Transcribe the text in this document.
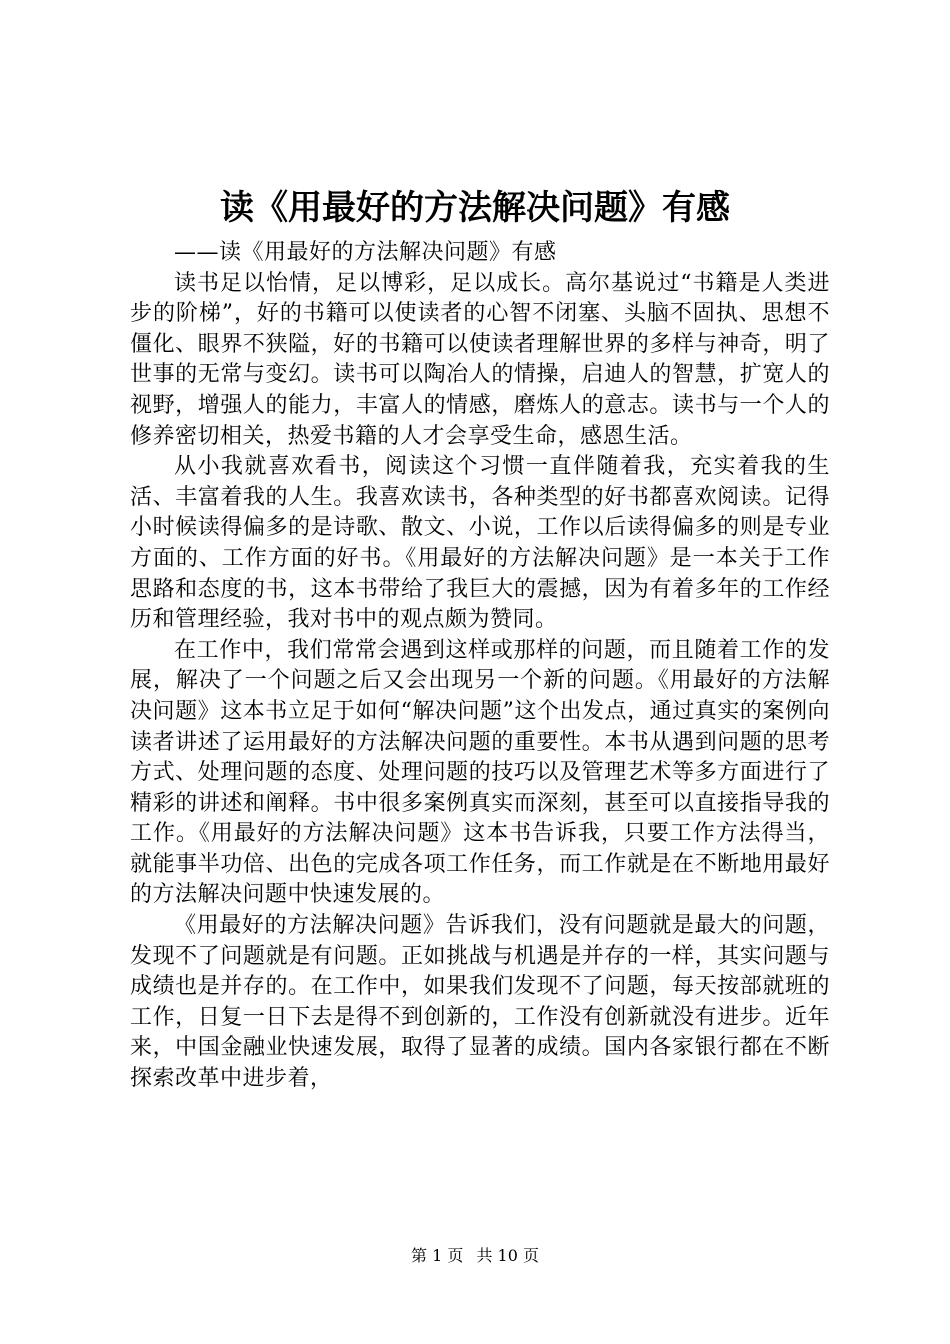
读《用最好的方法解决问题》有感

——读《用最好的方法解决问题》有感

读书足以怡情，足以博彩，足以成长。高尔基说过“书籍是人类进步的阶梯”，好的书籍可以使读者的心智不闭塞、头脑不固执、思想不僵化、眼界不狭隘，好的书籍可以使读者理解世界的多样与神奇，明了世事的无常与变幻。读书可以陶冶人的情操，启迪人的智慧，扩宽人的视野，增强人的能力，丰富人的情感，磨炼人的意志。读书与一个人的修养密切相关，热爱书籍的人才会享受生命，感恩生活。

从小我就喜欢看书，阅读这个习惯一直伴随着我，充实着我的生活、丰富着我的人生。我喜欢读书，各种类型的好书都喜欢阅读。记得小时候读得偏多的是诗歌、散文、小说，工作以后读得偏多的则是专业方面的、工作方面的好书。《用最好的方法解决问题》是一本关于工作思路和态度的书，这本书带给了我巨大的震撼，因为有着多年的工作经历和管理经验，我对书中的观点颇为赞同。

在工作中，我们常常会遇到这样或那样的问题，而且随着工作的发展，解决了一个问题之后又会出现另一个新的问题。《用最好的方法解决问题》这本书立足于如何“解决问题”这个出发点，通过真实的案例向读者讲述了运用最好的方法解决问题的重要性。本书从遇到问题的思考方式、处理问题的态度、处理问题的技巧以及管理艺术等多方面进行了精彩的讲述和阐释。书中很多案例真实而深刻，甚至可以直接指导我的工作。《用最好的方法解决问题》这本书告诉我，只要工作方法得当，就能事半功倍、出色的完成各项工作任务，而工作就是在不断地用最好的方法解决问题中快速发展的。

《用最好的方法解决问题》告诉我们，没有问题就是最大的问题，发现不了问题就是有问题。正如挑战与机遇是并存的一样，其实问题与成绩也是并存的。在工作中，如果我们发现不了问题，每天按部就班的工作，日复一日下去是得不到创新的，工作没有创新就没有进步。近年来，中国金融业快速发展，取得了显著的成绩。国内各家银行都在不断探索改革中进步着，

第 1 页 共 10 页
